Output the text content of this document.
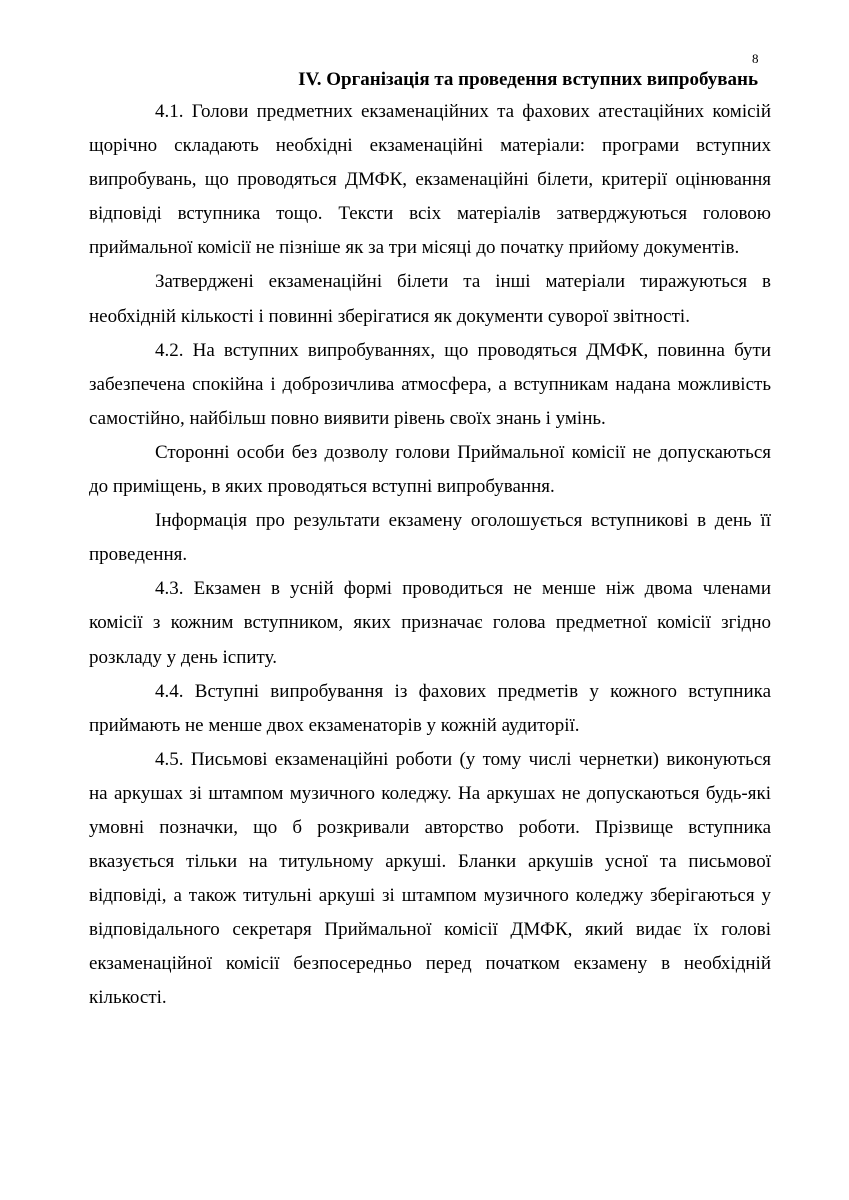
8
IV. Організація та проведення вступних випробувань

4.1. Голови предметних екзаменаційних та фахових атестаційних комісій щорічно складають необхідні екзаменаційні матеріали: програми вступних випробувань, що проводяться ДМФК, екзаменаційні білети, критерії оцінювання відповіді вступника тощо. Тексти всіх матеріалів затверджуються головою приймальної комісії не пізніше як за три місяці до початку прийому документів.

Затверджені екзаменаційні білети та інші матеріали тиражуються в необхідній кількості і повинні зберігатися як документи суворої звітності.

4.2. На вступних випробуваннях, що проводяться ДМФК, повинна бути забезпечена спокійна і доброзичлива атмосфера, а вступникам надана можливість самостійно, найбільш повно виявити рівень своїх знань і умінь.

Сторонні особи без дозволу голови Приймальної комісії не допускаються до приміщень, в яких проводяться вступні випробування.

Інформація про результати екзамену оголошується вступникові в день її проведення.

4.3. Екзамен в усній формі проводиться не менше ніж двома членами комісії з кожним вступником, яких призначає голова предметної комісії згідно розкладу у день іспиту.

4.4. Вступні випробування із фахових предметів у кожного вступника приймають не менше двох екзаменаторів у кожній аудиторії.

4.5. Письмові екзаменаційні роботи (у тому числі чернетки) виконуються на аркушах зі штампом музичного коледжу. На аркушах не допускаються будь-які умовні позначки, що б розкривали авторство роботи. Прізвище вступника вказується тільки на титульному аркуші. Бланки аркушів усної та письмової відповіді, а також титульні аркуші зі штампом музичного коледжу зберігаються у відповідального секретаря Приймальної комісії ДМФК, який видає їх голові екзаменаційної комісії безпосередньо перед початком екзамену в необхідній кількості.
